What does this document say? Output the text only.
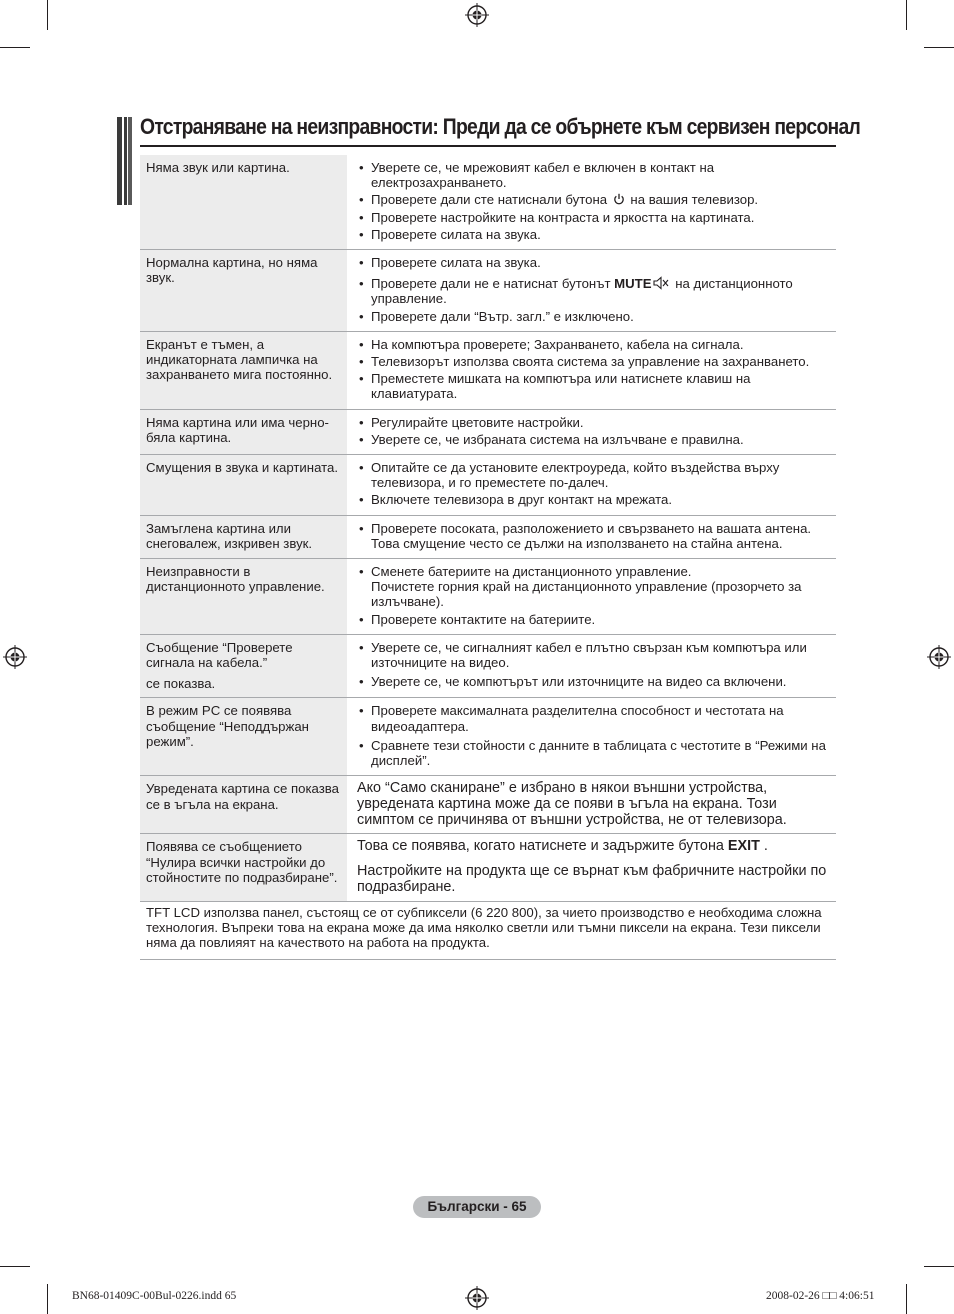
Отстраняване на неизправности: Преди да се обърнете към сервизен персонал

Няма звук или картина.	• Уверете се, че мрежовият кабел е включен в контакт на електрозахранването.
• Проверете дали сте натиснали бутона на вашия телевизор.
• Проверете настройките на контраста и яркостта на картината.
• Проверете силата на звука.

Нормална картина, но няма звук.

• Проверете силата на звука.
• Проверете дали не е натиснат бутонът MUTE на дистанционното управление.
• Проверете дали “Вътр. загл.” е изключено.

Екранът е тъмен, а индикаторната лампичка на захранването мига постоянно.

• На компютъра проверете; Захранването, кабела на сигнала.
• Телевизорът използва своята система за управление на захранването.
• Преместете мишката на компютъра или натиснете клавиш на клавиатурата.

Няма картина или има черно-бяла картина.

• Регулирайте цветовите настройки.
• Уверете се, че избраната система на излъчване е правилна.

Смущения в звука и картината.	• Опитайте се да установите електроуреда, който въздейства върху телевизора, и го преместете по-далеч.
• Включете телевизора в друг контакт на мрежата.

Замъглена картина или снеговалеж, изкривен звук.

• Проверете посоката, разположението и свързването на вашата антена. Това смущение често се дължи на използването на стайна антена.

Неизправности в дистанционното управление.

• Сменете батериите на дистанционното управление.
Почистете горния край на дистанционното управление (прозорчето за излъчване).
• Проверете контактите на батериите.

Съобщение “Проверете сигнала на кабела.”

се показва.

• Уверете се, че сигналният кабел е плътно свързан към компютъра или източниците на видео.
• Уверете се, че компютърът или източниците на видео са включени.

В режим PC се появява съобщение “Неподдържан режим”.

• Проверете максималната разделителна способност и честотата на видеоадаптера.
• Сравнете тези стойности с данните в таблицата с честотите в “Режими на дисплей”.

Увредената картина се показва се в ъгъла на екрана.

Ако “Само сканиране” е избрано в някои външни устройства, увредената картина може да се появи в ъгъла на екрана. Този симптом се причинява от външни устройства, не от телевизора.

Появява се съобщението “Нулира всички настройки до стойностите по подразбиране”.

Това се появява, когато натиснете и задържите бутона EXIT .

Настройките на продукта ще се върнат към фабричните настройки по подразбиране.

TFT LCD използва панел, състоящ се от субпиксели (6 220 800), за чието производство е необходима сложна технология. Въпреки това на екрана може да има няколко светли или тъмни пиксели на екрана. Тези пиксели няма да повлияят на качеството на работа на продукта.
Български - 65
BN68-01409C-00Bul-0226.indd 65	2008-02-26 □□ 4:06:51
